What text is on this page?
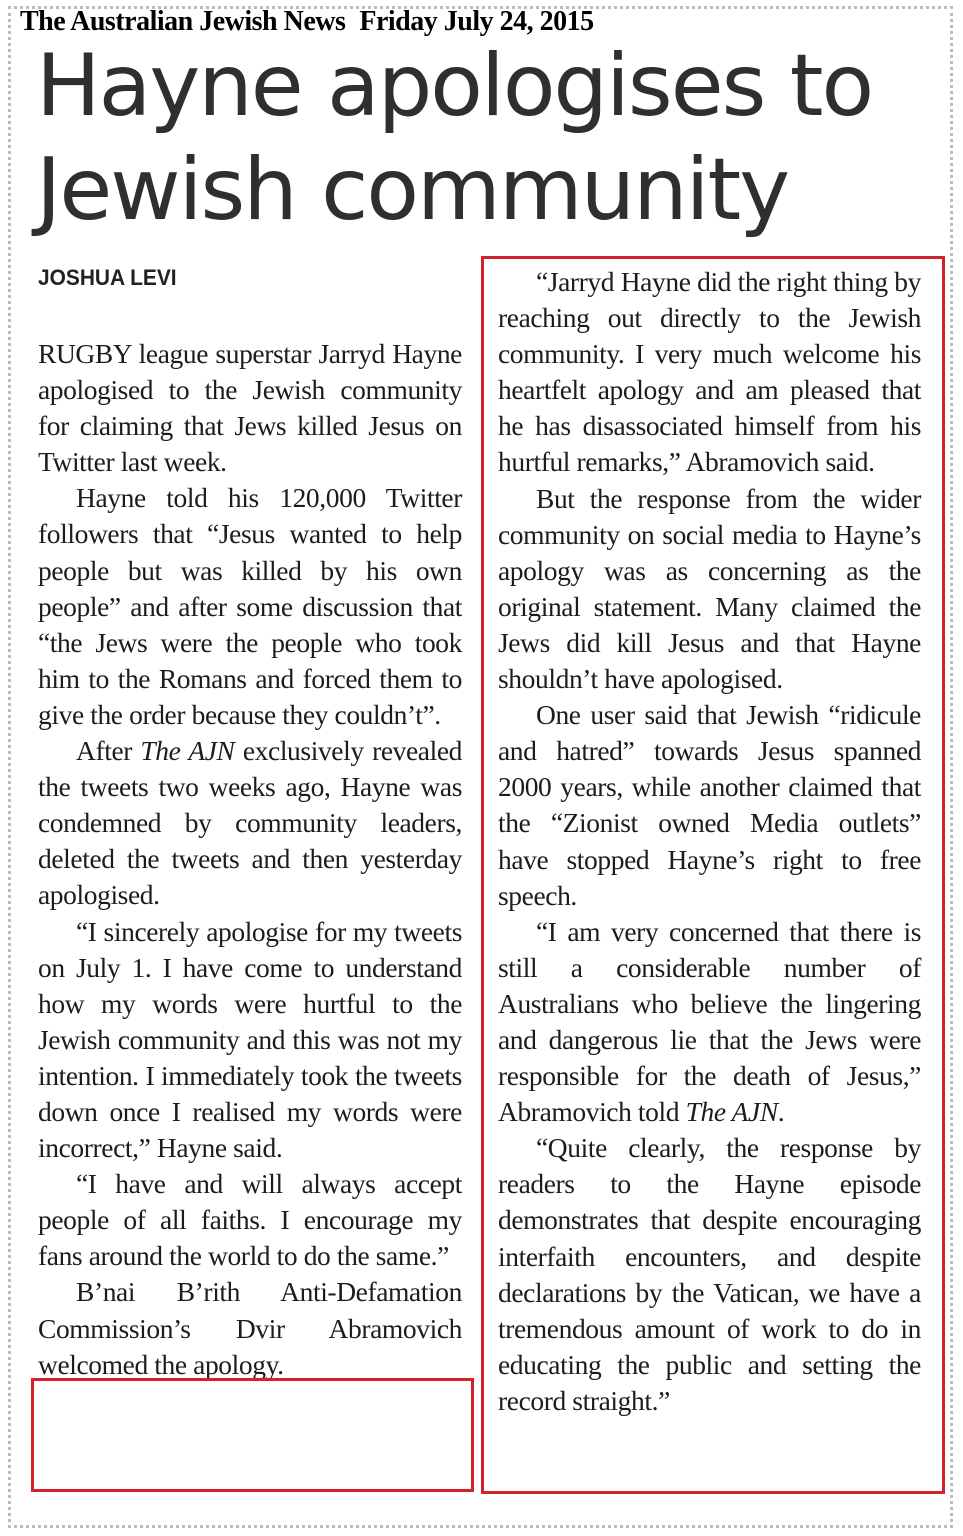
The Australian Jewish News Friday July 24, 2015
Hayne apologises to
Jewish community
JOSHUA LEVI

RUGBY league superstar Jarryd Hayne apologised to the Jewish community for claiming that Jews killed Jesus on Twitter last week.

Hayne told his 120,000 Twitter followers that “Jesus wanted to help people but was killed by his own people” and after some discussion that “the Jews were the people who took him to the Romans and forced them to give the order because they couldn’t”.

After The AJN exclusively revealed the tweets two weeks ago, Hayne was condemned by community leaders, deleted the tweets and then yesterday apologised.

“I sincerely apologise for my tweets on July 1. I have come to understand how my words were hurtful to the Jewish community and this was not my intention. I immediately took the tweets down once I realised my words were incorrect,” Hayne said.

“I have and will always accept people of all faiths. I encourage my fans around the world to do the same.”

B’nai B’rith Anti-Defamation Commission’s Dvir Abramovich welcomed the apology.

“Jarryd Hayne did the right thing by reaching out directly to the Jewish community. I very much welcome his heartfelt apology and am pleased that he has disassociated himself from his hurtful remarks,” Abramovich said.

But the response from the wider community on social media to Hayne’s apology was as concerning as the original statement. Many claimed the Jews did kill Jesus and that Hayne shouldn’t have apologised.

One user said that Jewish “ridicule and hatred” towards Jesus spanned 2000 years, while another claimed that the “Zionist owned Media outlets” have stopped Hayne’s right to free speech.

“I am very concerned that there is still a considerable number of Australians who believe the lingering and dangerous lie that the Jews were responsible for the death of Jesus,” Abramovich told The AJN.

“Quite clearly, the response by readers to the Hayne episode demonstrates that despite encouraging interfaith encounters, and despite declarations by the Vatican, we have a tremendous amount of work to do in educating the public and setting the record straight.”
